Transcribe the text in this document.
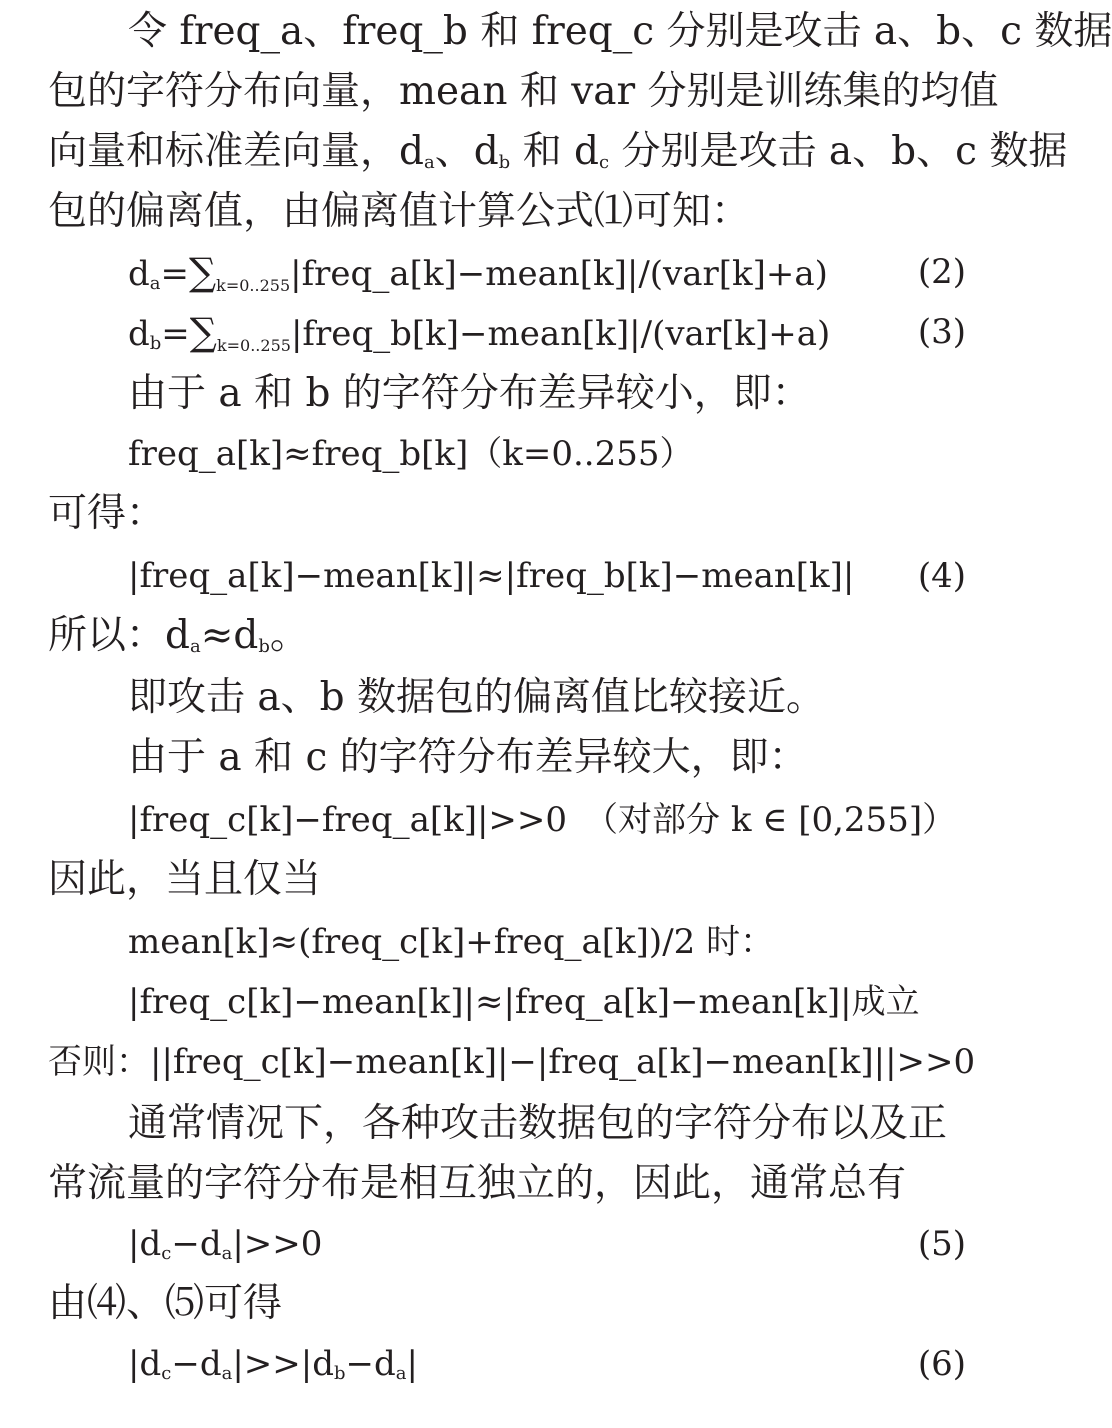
令 freq_a、freq_b 和 freq_c 分别是攻击 a、b、c 数据
包的字符分布向量，mean 和 var 分别是训练集的均值
向量和标准差向量，$d_a$、$d_b$ 和 $d_c$ 分别是攻击 a、b、c 数据
包的偏离值，由偏离值计算公式⑴可知：
$d_a=\sum k=0..255|freq\_a[k]-mean[k]|/(var[k]+a)$	(2)
$d_b=\sum k=0..255|freq\_b[k]-mean[k]|/(var[k]+a)$	(3)
由于 a 和 b 的字符分布差异较小，即：
freq_a[k]≈freq_b[k]（k=0..255）
可得：
|freq_a[k]−mean[k]|≈|freq_b[k]−mean[k]|	(4)
所以：$d_a\approx d_b$。
即攻击 a、b 数据包的偏离值比较接近。
由于 a 和 c 的字符分布差异较大，即：
|freq_c[k]−freq_a[k]|>>0　（对部分 k ∈ [0,255]）
因此，当且仅当
mean[k]≈(freq_c[k]+freq_a[k])/2 时：
|freq_c[k]−mean[k]|≈|freq_a[k]−mean[k]|成立
否则：||freq_c[k]−mean[k]|−|freq_a[k]−mean[k]||>>0
通常情况下，各种攻击数据包的字符分布以及正
常流量的字符分布是相互独立的，因此，通常总有
$|d_c-d_a|>>0$	(5)
由⑷、⑸可得
$|d_c-d_a|>>|d_b-d_a|$	(6)
